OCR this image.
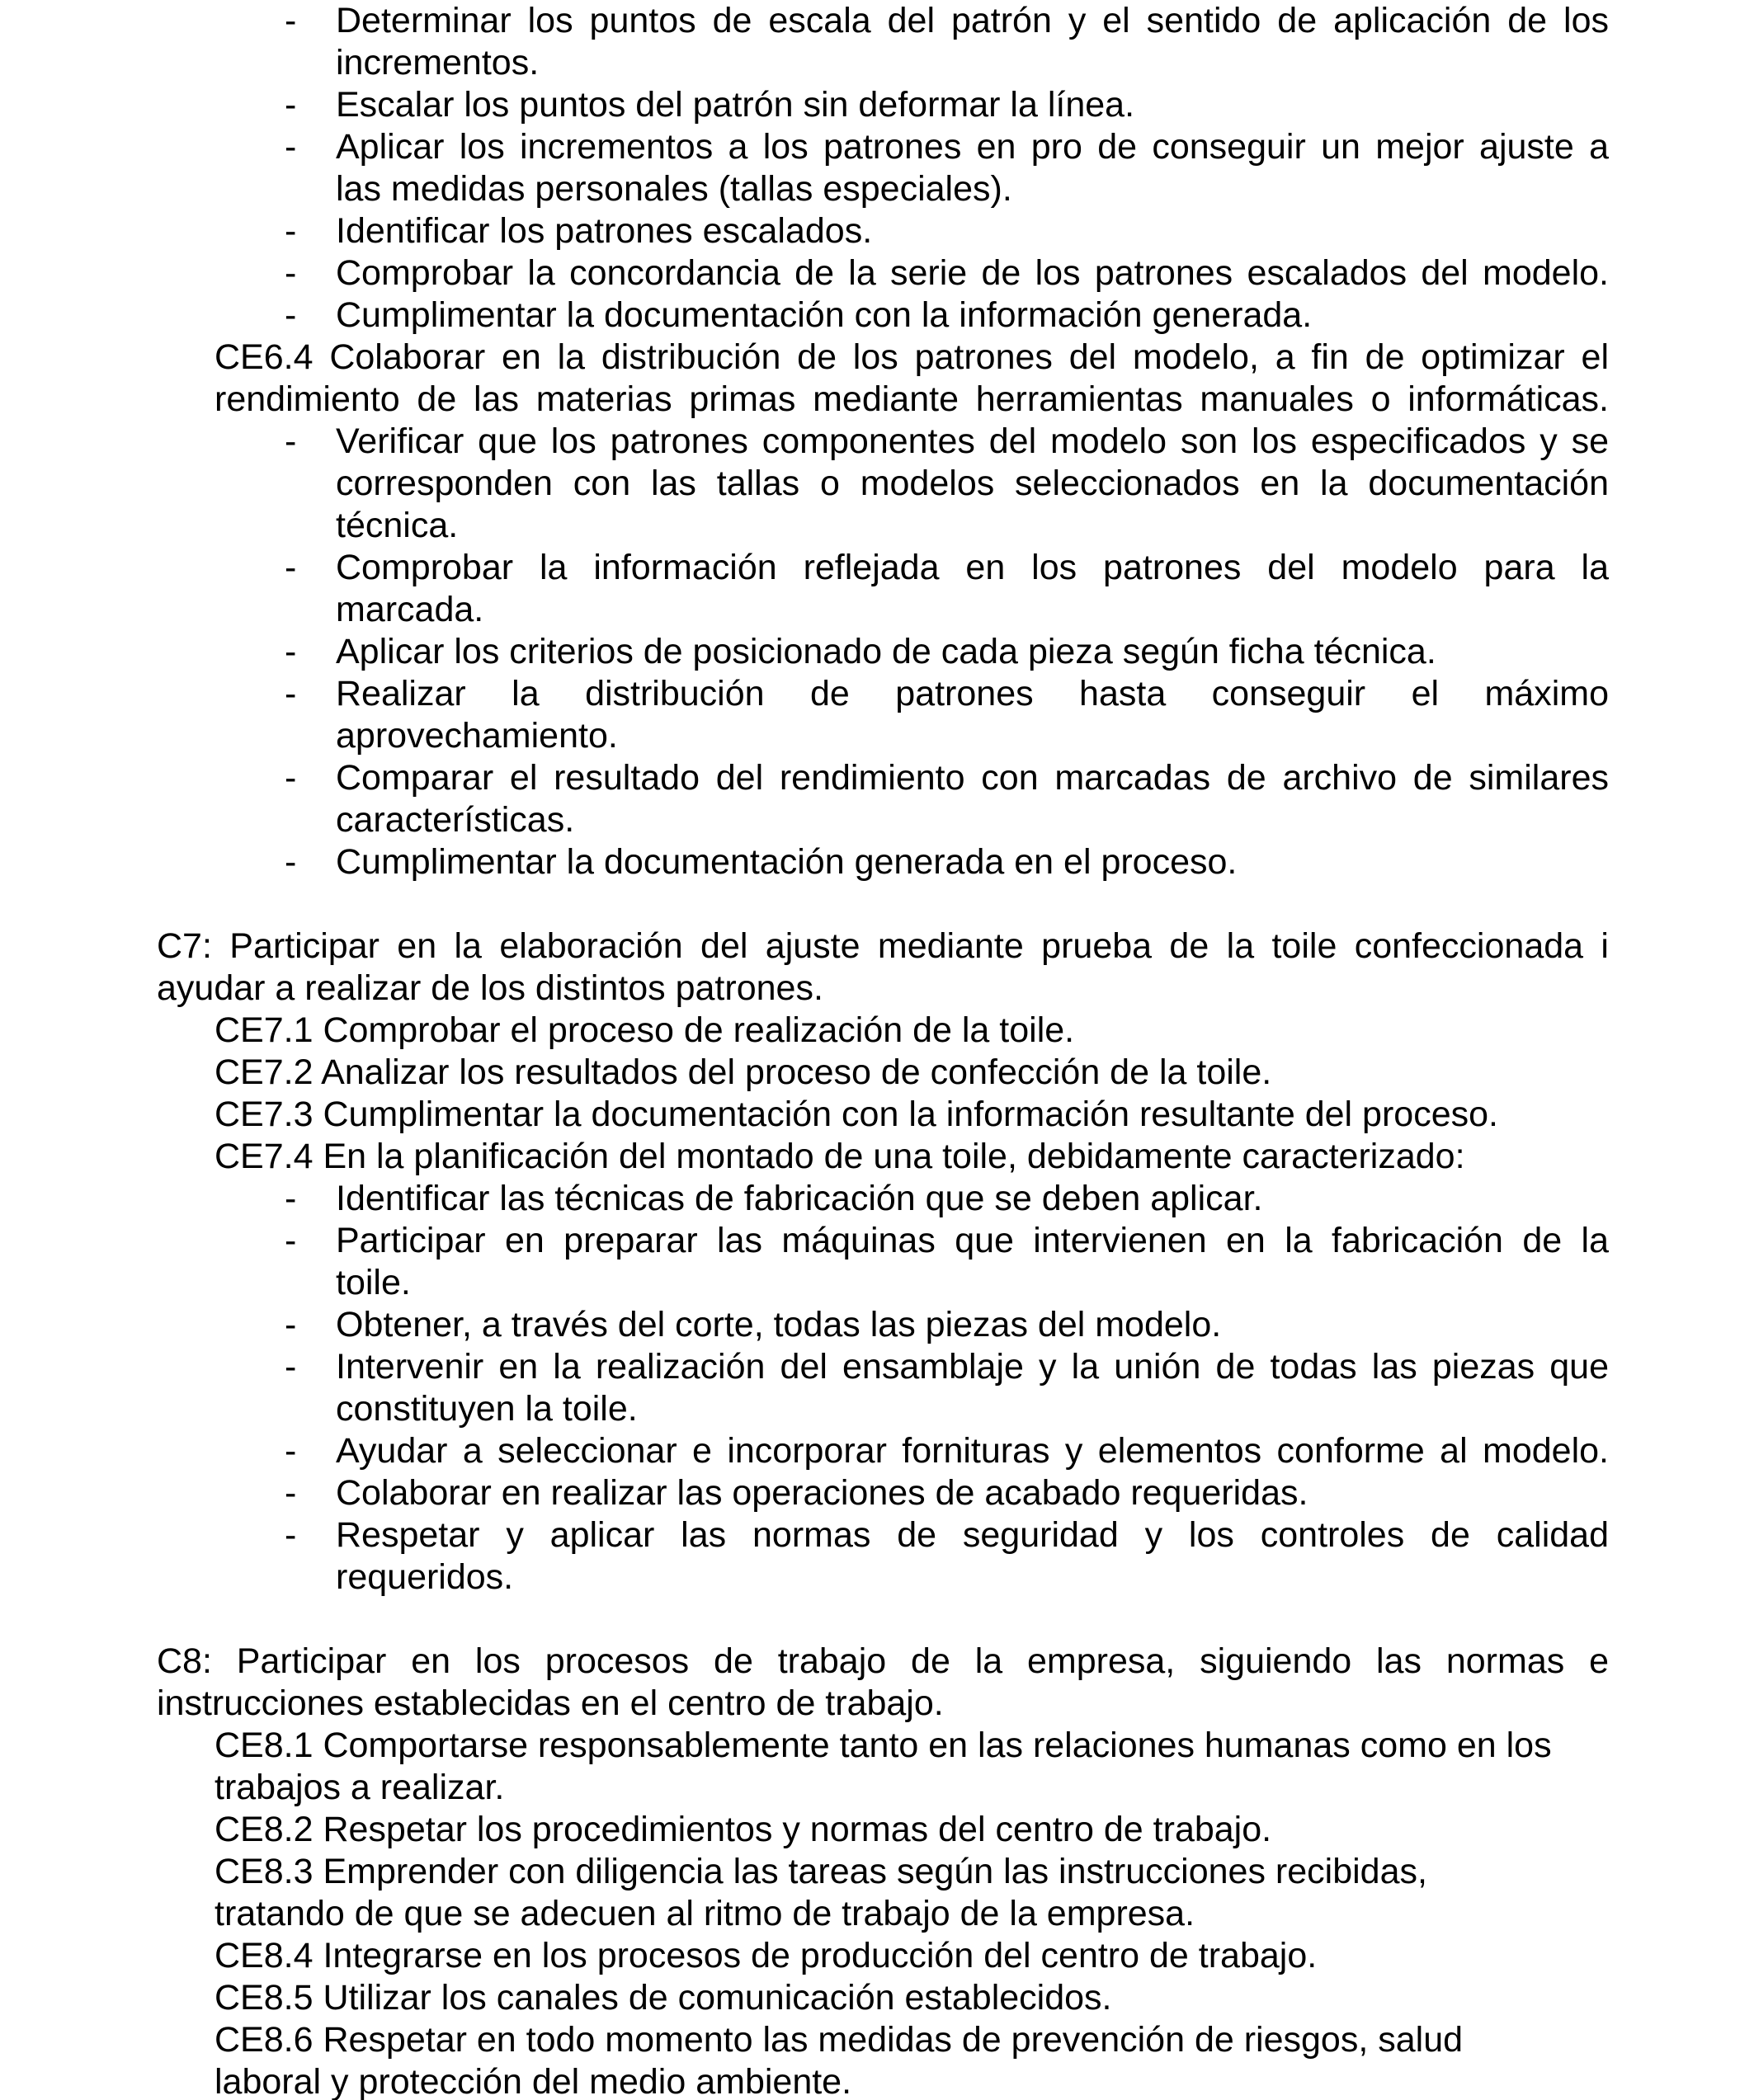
- Determinar los puntos de escala del patrón y el sentido de aplicación de los
incrementos.
- Escalar los puntos del patrón sin deformar la línea.
- Aplicar los incrementos a los patrones en pro de conseguir un mejor ajuste a
las medidas personales (tallas especiales).
- Identificar los patrones escalados.
- Comprobar la concordancia de la serie de los patrones escalados del modelo.
- Cumplimentar la documentación con la información generada.
CE6.4 Colaborar en la distribución de los patrones del modelo, a fin de optimizar el
rendimiento de las materias primas mediante herramientas manuales o informáticas.
- Verificar que los patrones componentes del modelo son los especificados y se
corresponden con las tallas o modelos seleccionados en la documentación
técnica.
- Comprobar la información reflejada en los patrones del modelo para la
marcada.
- Aplicar los criterios de posicionado de cada pieza según ficha técnica.
- Realizar la distribución de patrones hasta conseguir el máximo
aprovechamiento.
- Comparar el resultado del rendimiento con marcadas de archivo de similares
características.
- Cumplimentar la documentación generada en el proceso.
C7: Participar en la elaboración del ajuste mediante prueba de la toile confeccionada i
ayudar a realizar de los distintos patrones.
CE7.1 Comprobar el proceso de realización de la toile.
CE7.2 Analizar los resultados del proceso de confección de la toile.
CE7.3 Cumplimentar la documentación con la información resultante del proceso.
CE7.4 En la planificación del montado de una toile, debidamente caracterizado:
- Identificar las técnicas de fabricación que se deben aplicar.
- Participar en preparar las máquinas que intervienen en la fabricación de la
toile.
- Obtener, a través del corte, todas las piezas del modelo.
- Intervenir en la realización del ensamblaje y la unión de todas las piezas que
constituyen la toile.
- Ayudar a seleccionar e incorporar fornituras y elementos conforme al modelo.
- Colaborar en realizar las operaciones de acabado requeridas.
- Respetar y aplicar las normas de seguridad y los controles de calidad
requeridos.
C8: Participar en los procesos de trabajo de la empresa, siguiendo las normas e
instrucciones establecidas en el centro de trabajo.
CE8.1 Comportarse responsablemente tanto en las relaciones humanas como en los
trabajos a realizar.
CE8.2 Respetar los procedimientos y normas del centro de trabajo.
CE8.3 Emprender con diligencia las tareas según las instrucciones recibidas,
tratando de que se adecuen al ritmo de trabajo de la empresa.
CE8.4 Integrarse en los procesos de producción del centro de trabajo.
CE8.5 Utilizar los canales de comunicación establecidos.
CE8.6 Respetar en todo momento las medidas de prevención de riesgos, salud
laboral y protección del medio ambiente.
